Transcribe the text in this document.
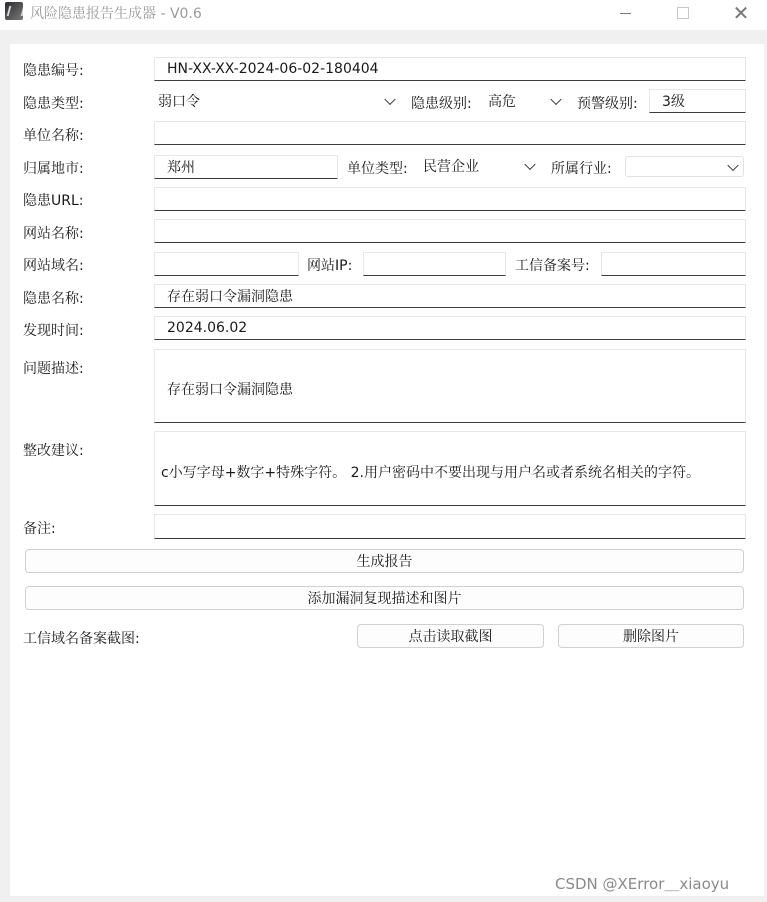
风险隐患报告生成器 - V0.6	✕
隐患编号:	HN-XX-XX-2024-06-02-180404
隐患类型:	弱口令	隐患级别: 高危	预警级别:	3级
单位名称:
归属地市:	郑州	单位类型: 民营企业	所属行业:
隐患URL:
网站名称:
网站域名:	网站IP:	工信备案号:
隐患名称:	存在弱口令漏洞隐患
发现时间:	2024.06.02
问题描述:
存在弱口令漏洞隐患
整改建议:
c小写字母+数字+特殊字符。 2.用户密码中不要出现与用户名或者系统名相关的字符。
备注:
生成报告
添加漏洞复现描述和图片
工信域名备案截图:	点击读取截图	删除图片
CSDN @XError＿xiaoyu
